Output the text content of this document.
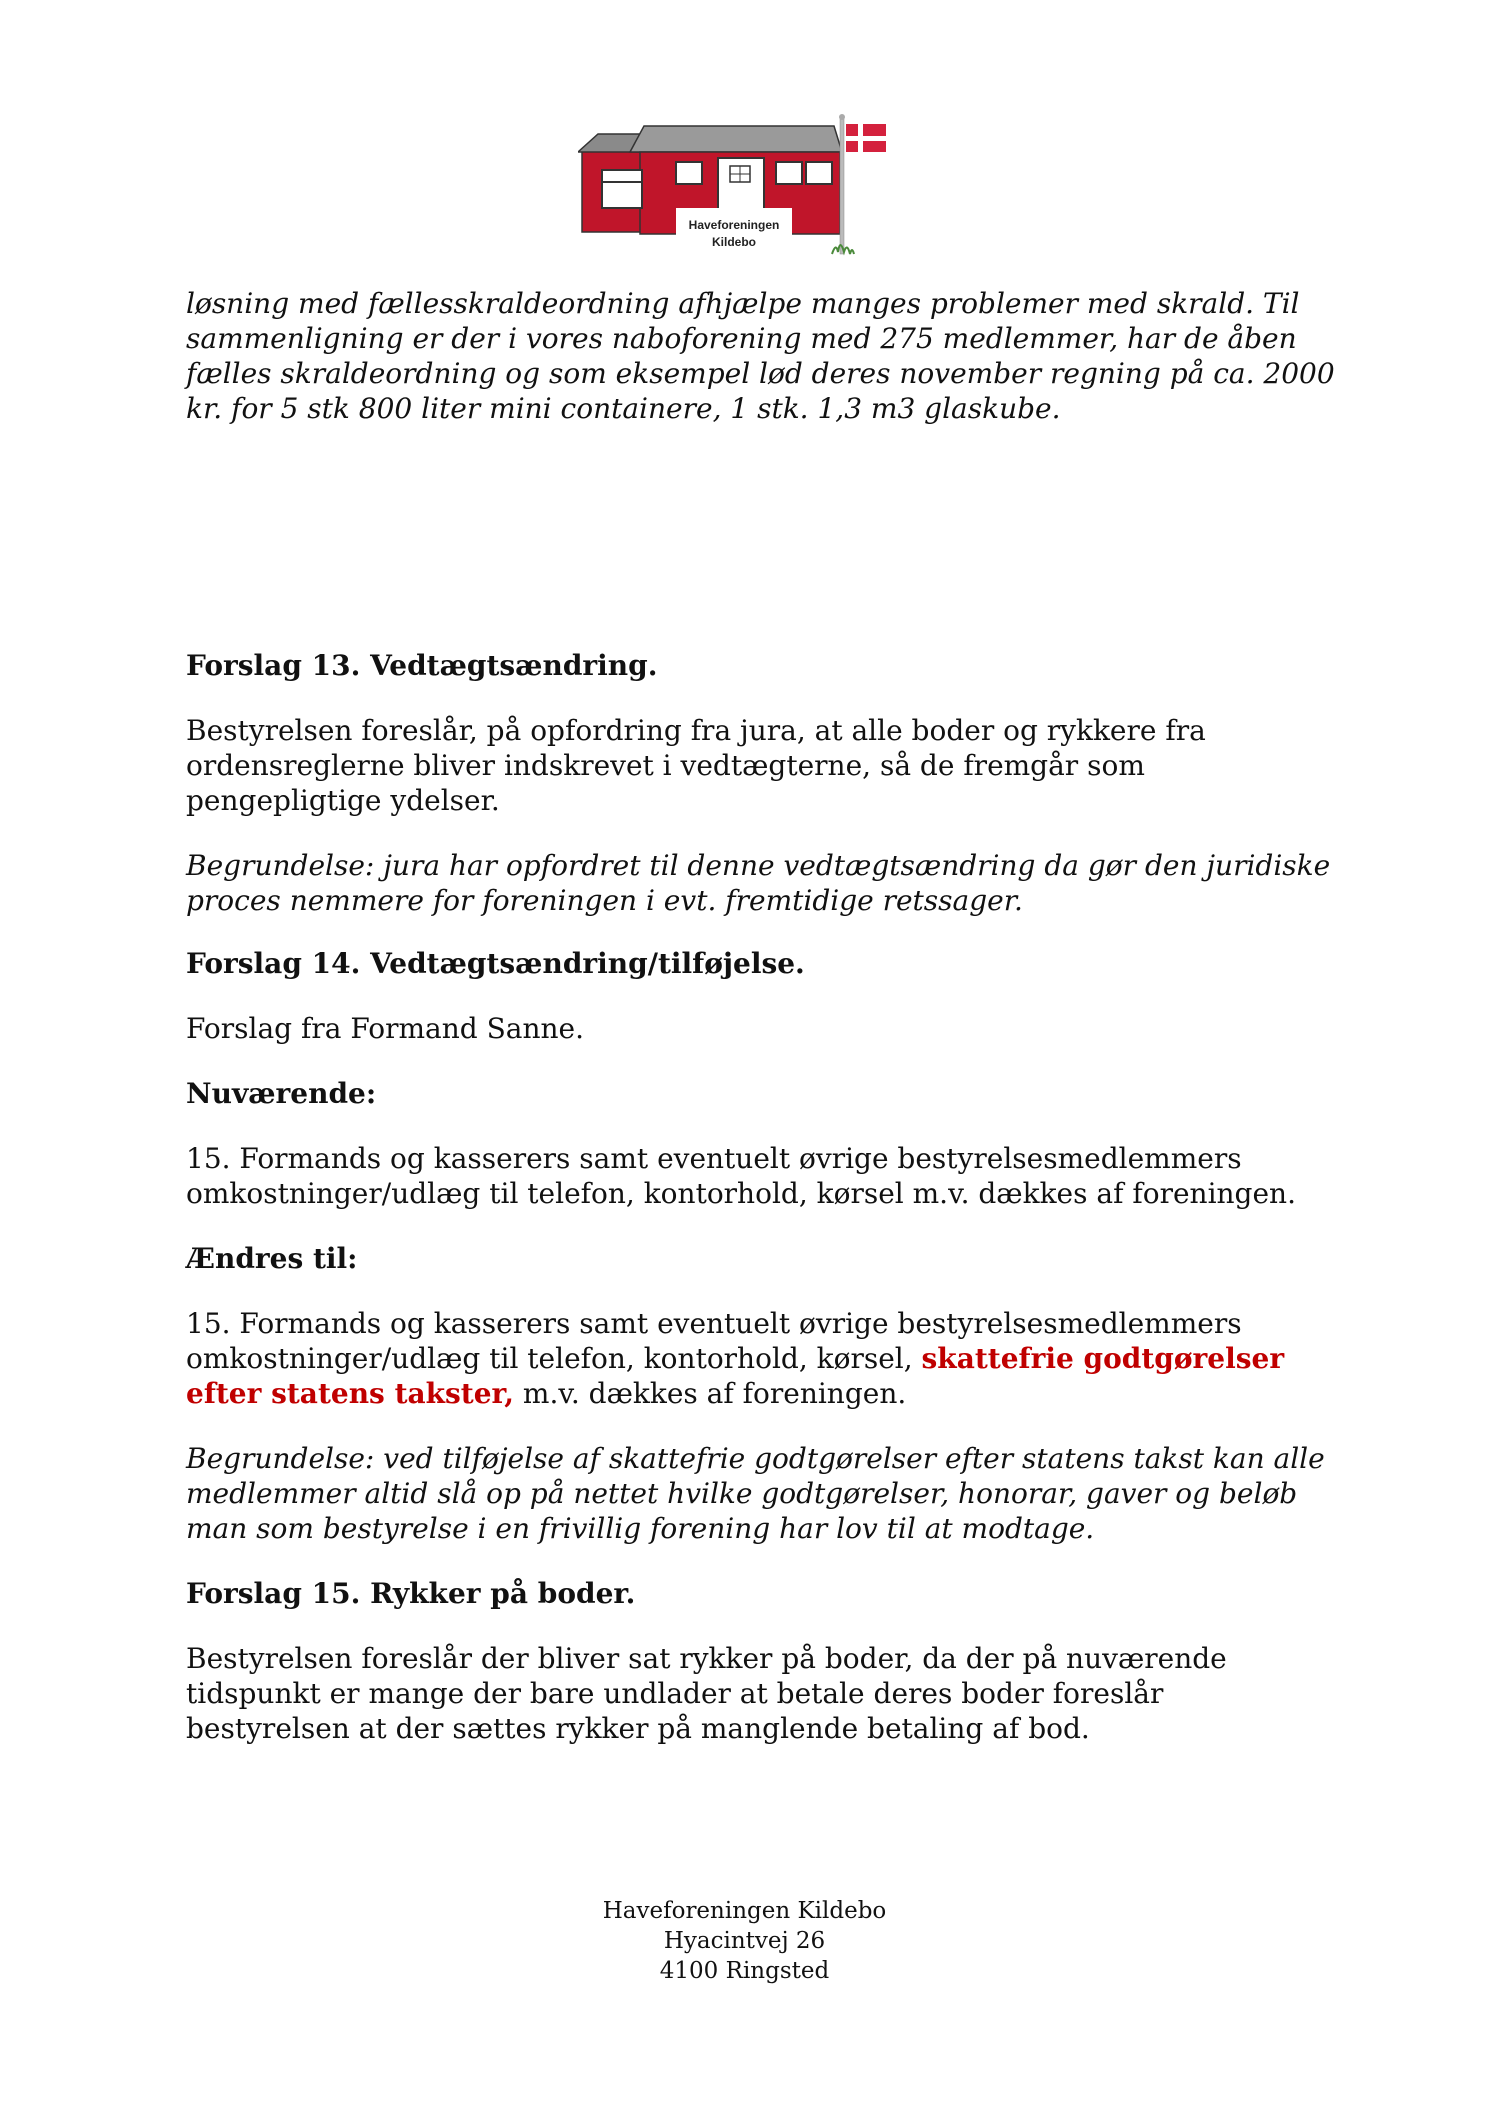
Haveforeningen
Kildebo

løsning med fællesskraldeordning afhjælpe manges problemer med skrald. Til

sammenligning er der i vores naboforening med 275 medlemmer, har de åben

fælles skraldeordning og som eksempel lød deres november regning på ca. 2000

kr. for 5 stk 800 liter mini containere, 1 stk. 1,3 m3 glaskube.

Forslag 13. Vedtægtsændring.

Bestyrelsen foreslår, på opfordring fra jura, at alle boder og rykkere fra

ordensreglerne bliver indskrevet i vedtægterne, så de fremgår som

pengepligtige ydelser.

Begrundelse: jura har opfordret til denne vedtægtsændring da gør den juridiske

proces nemmere for foreningen i evt. fremtidige retssager.

Forslag 14. Vedtægtsændring/tilføjelse.

Forslag fra Formand Sanne.

Nuværende:

15. Formands og kasserers samt eventuelt øvrige bestyrelsesmedlemmers

omkostninger/udlæg til telefon, kontorhold, kørsel m.v. dækkes af foreningen.

Ændres til:

15. Formands og kasserers samt eventuelt øvrige bestyrelsesmedlemmers

omkostninger/udlæg til telefon, kontorhold, kørsel, skattefrie godtgørelser

efter statens takster, m.v. dækkes af foreningen.

Begrundelse: ved tilføjelse af skattefrie godtgørelser efter statens takst kan alle

medlemmer altid slå op på nettet hvilke godtgørelser, honorar, gaver og beløb

man som bestyrelse i en frivillig forening har lov til at modtage.

Forslag 15. Rykker på boder.

Bestyrelsen foreslår der bliver sat rykker på boder, da der på nuværende

tidspunkt er mange der bare undlader at betale deres boder foreslår

bestyrelsen at der sættes rykker på manglende betaling af bod.

Haveforeningen Kildebo
Hyacintvej 26
4100 Ringsted
